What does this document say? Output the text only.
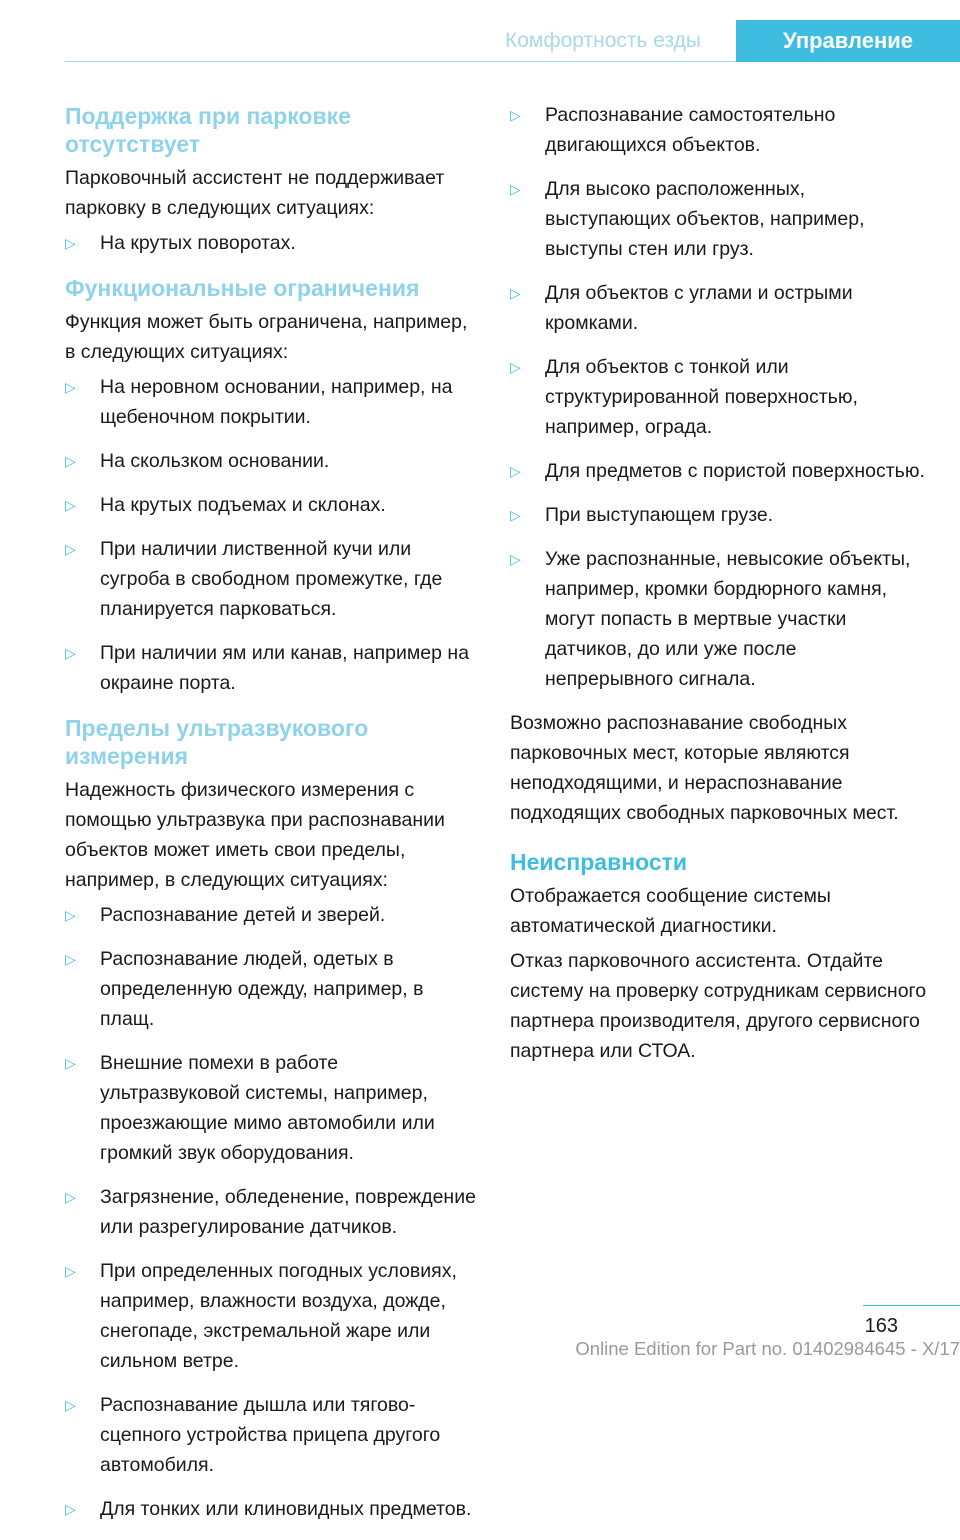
Комфортность езды	Управление
Поддержка при парковке отсутствует

Парковочный ассистент не поддерживает парковку в следующих ситуациях:

▷ На крутых поворотах.
Функциональные ограничения

Функция может быть ограничена, например, в следующих ситуациях:

▷ На неровном основании, например, на щебеночном покрытии.
▷ На скользком основании.
▷ На крутых подъемах и склонах.
▷ При наличии лиственной кучи или сугроба в свободном промежутке, где планируется парковаться.
▷ При наличии ям или канав, например на окраине порта.
Пределы ультразвукового измерения

Надежность физического измерения с помощью ультразвука при распознавании объектов может иметь свои пределы, например, в следующих ситуациях:

▷ Распознавание детей и зверей.
▷ Распознавание людей, одетых в определенную одежду, например, в плащ.
▷ Внешние помехи в работе ультразвуковой системы, например, проезжающие мимо автомобили или громкий звук оборудования.
▷ Загрязнение, обледенение, повреждение или разрегулирование датчиков.
▷ При определенных погодных условиях, например, влажности воздуха, дожде, снегопаде, экстремальной жаре или сильном ветре.
▷ Распознавание дышла или тягово-сцепного устройства прицепа другого автомобиля.
▷ Для тонких или клиновидных предметов.
▷ Распознавание самостоятельно двигающихся объектов.
▷ Для высоко расположенных, выступающих объектов, например, выступы стен или груз.
▷ Для объектов с углами и острыми кромками.
▷ Для объектов с тонкой или структурированной поверхностью, например, ограда.
▷ Для предметов с пористой поверхностью.
▷ При выступающем грузе.
▷ Уже распознанные, невысокие объекты, например, кромки бордюрного камня, могут попасть в мертвые участки датчиков, до или уже после непрерывного сигнала.

Возможно распознавание свободных парковочных мест, которые являются неподходящими, и нераспознавание подходящих свободных парковочных мест.

Неисправности

Отображается сообщение системы автоматической диагностики.

Отказ парковочного ассистента. Отдайте систему на проверку сотрудникам сервисного партнера производителя, другого сервисного партнера или СТОА.

163
Online Edition for Part no. 01402984645 - X/17
